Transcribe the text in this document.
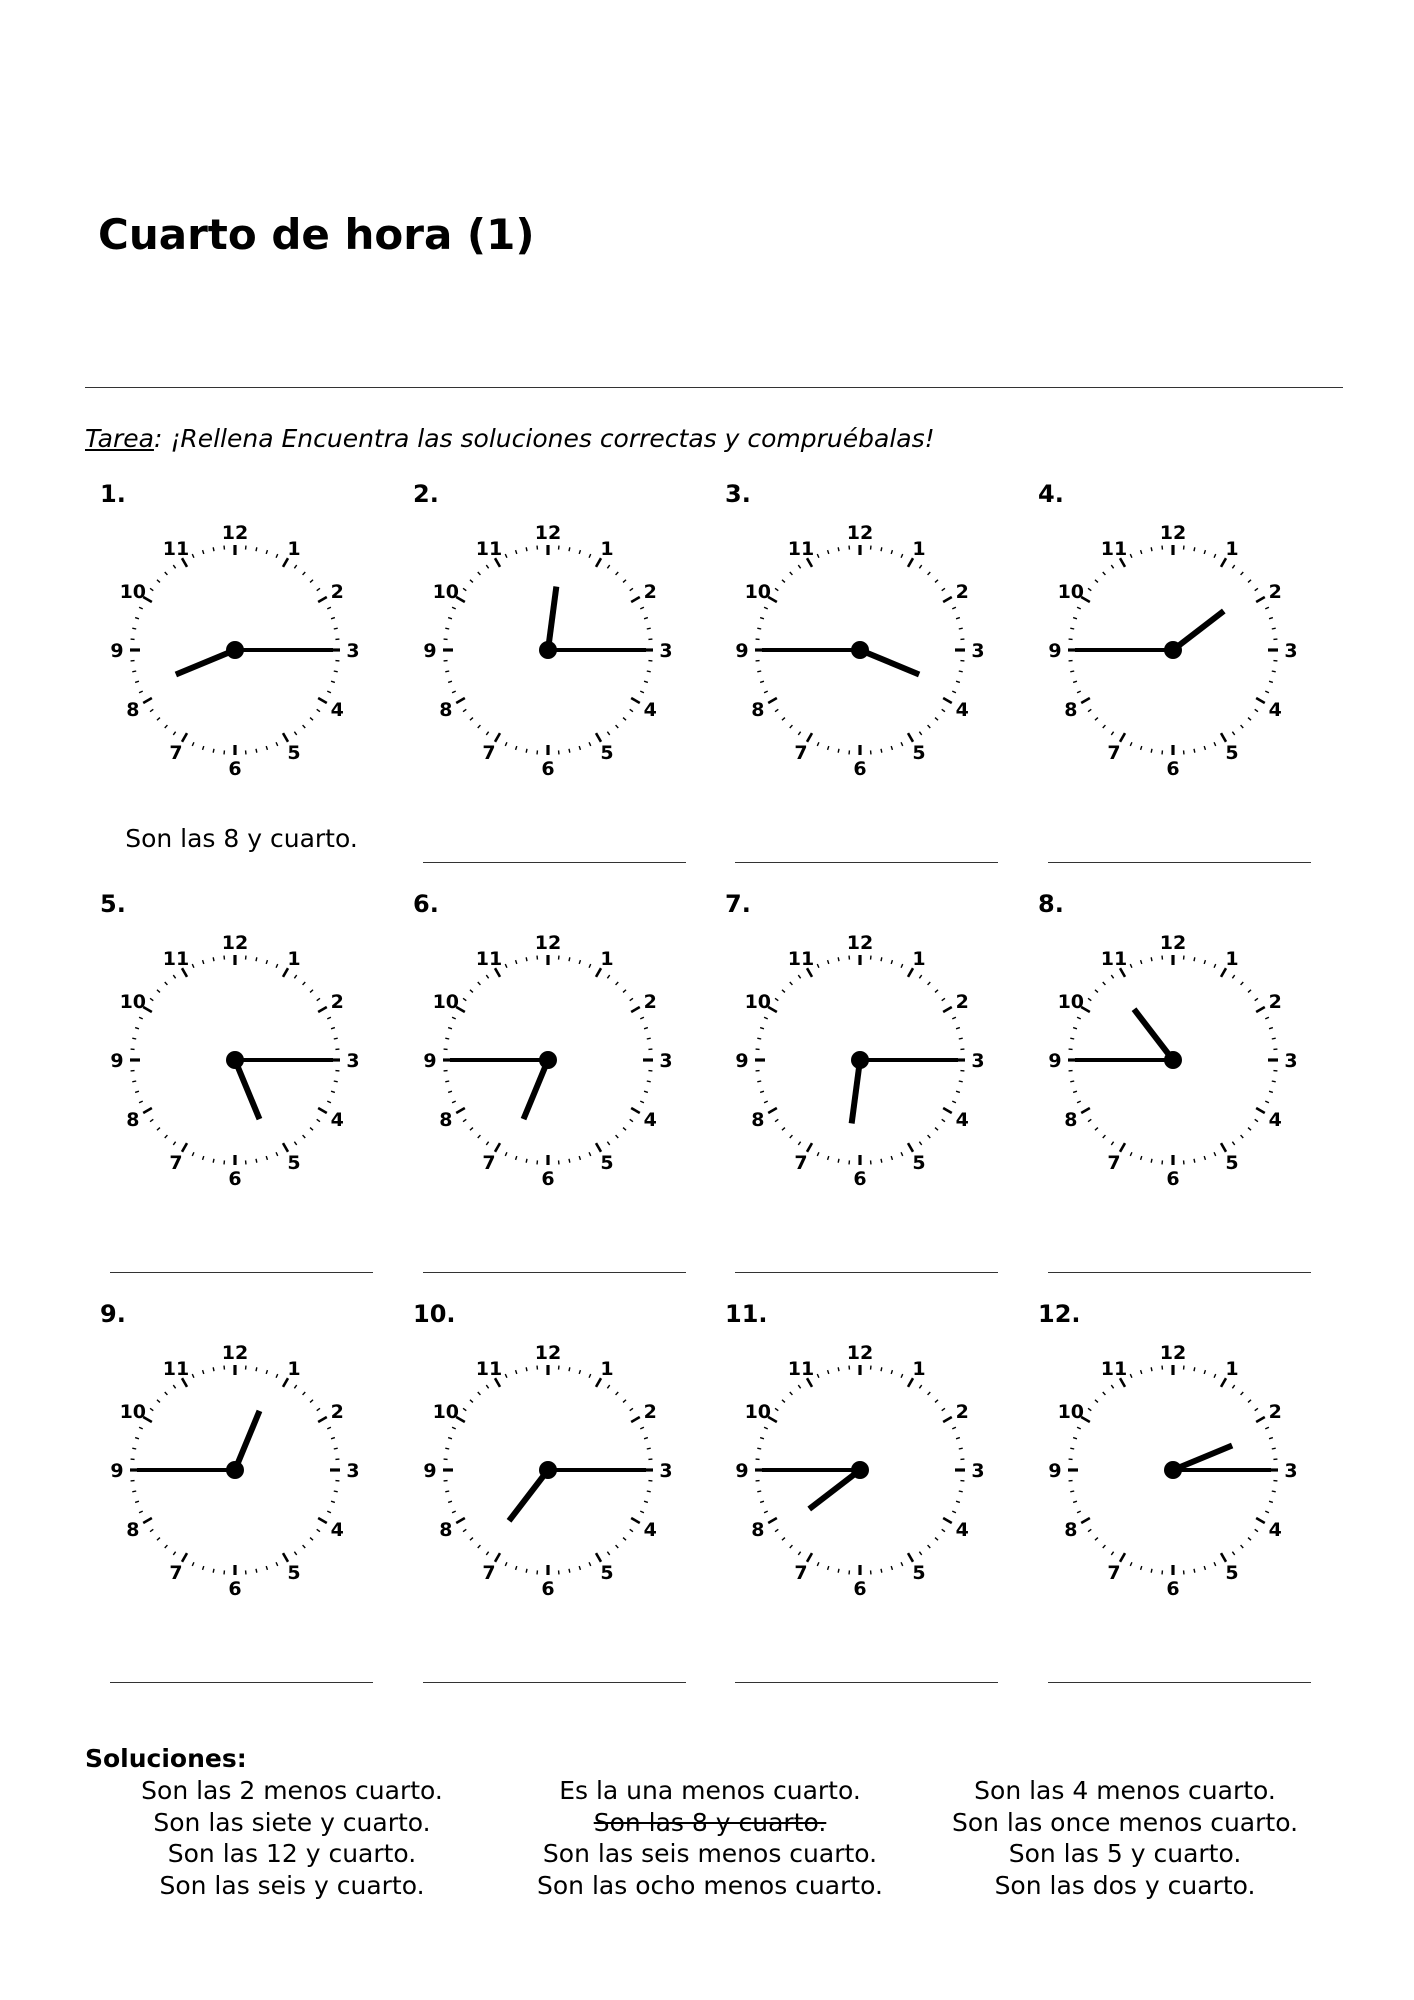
Cuarto de hora (1)
Tarea: ¡Rellena Encuentra las soluciones correctas y compruébalas!
1.
12
1
2
3
4
5
6
7
8
9
10
11
Son las 8 y cuarto.
2.
12
1
2
3
4
5
6
7
8
9
10
11
3.
12
1
2
3
4
5
6
7
8
9
10
11
4.
12
1
2
3
4
5
6
7
8
9
10
11
5.
12
1
2
3
4
5
6
7
8
9
10
11
6.
12
1
2
3
4
5
6
7
8
9
10
11
7.
12
1
2
3
4
5
6
7
8
9
10
11
8.
12
1
2
3
4
5
6
7
8
9
10
11
9.
12
1
2
3
4
5
6
7
8
9
10
11
10.
12
1
2
3
4
5
6
7
8
9
10
11
11.
12
1
2
3
4
5
6
7
8
9
10
11
12.
12
1
2
3
4
5
6
7
8
9
10
11
Soluciones:
Son las 2 menos cuarto.
Son las siete y cuarto.
Son las 12 y cuarto.
Son las seis y cuarto.
Es la una menos cuarto.
Son las 8 y cuarto.
Son las seis menos cuarto.
Son las ocho menos cuarto.
Son las 4 menos cuarto.
Son las once menos cuarto.
Son las 5 y cuarto.
Son las dos y cuarto.
